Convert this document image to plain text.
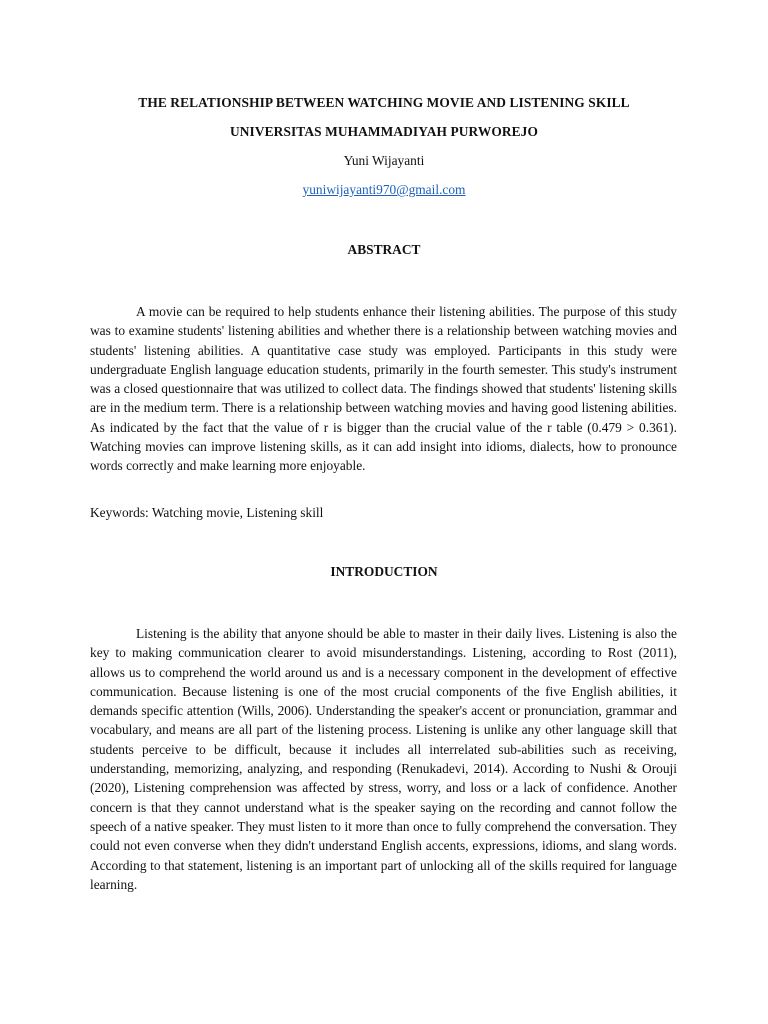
THE RELATIONSHIP BETWEEN WATCHING MOVIE AND LISTENING SKILL
UNIVERSITAS MUHAMMADIYAH PURWOREJO
Yuni Wijayanti
yuniwijayanti970@gmail.com
ABSTRACT

A movie can be required to help students enhance their listening abilities. The purpose of this study was to examine students' listening abilities and whether there is a relationship between watching movies and students' listening abilities. A quantitative case study was employed. Participants in this study were undergraduate English language education students, primarily in the fourth semester. This study's instrument was a closed questionnaire that was utilized to collect data. The findings showed that students' listening skills are in the medium term. There is a relationship between watching movies and having good listening abilities. As indicated by the fact that the value of r is bigger than the crucial value of the r table (0.479 > 0.361). Watching movies can improve listening skills, as it can add insight into idioms, dialects, how to pronounce words correctly and make learning more enjoyable.

Keywords: Watching movie, Listening skill
INTRODUCTION

Listening is the ability that anyone should be able to master in their daily lives. Listening is also the key to making communication clearer to avoid misunderstandings. Listening, according to Rost (2011), allows us to comprehend the world around us and is a necessary component in the development of effective communication. Because listening is one of the most crucial components of the five English abilities, it demands specific attention (Wills, 2006). Understanding the speaker's accent or pronunciation, grammar and vocabulary, and means are all part of the listening process. Listening is unlike any other language skill that students perceive to be difficult, because it includes all interrelated sub-abilities such as receiving, understanding, memorizing, analyzing, and responding (Renukadevi, 2014). According to Nushi & Orouji (2020), Listening comprehension was affected by stress, worry, and loss or a lack of confidence. Another concern is that they cannot understand what is the speaker saying on the recording and cannot follow the speech of a native speaker. They must listen to it more than once to fully comprehend the conversation. They could not even converse when they didn't understand English accents, expressions, idioms, and slang words. According to that statement, listening is an important part of unlocking all of the skills required for language learning.
